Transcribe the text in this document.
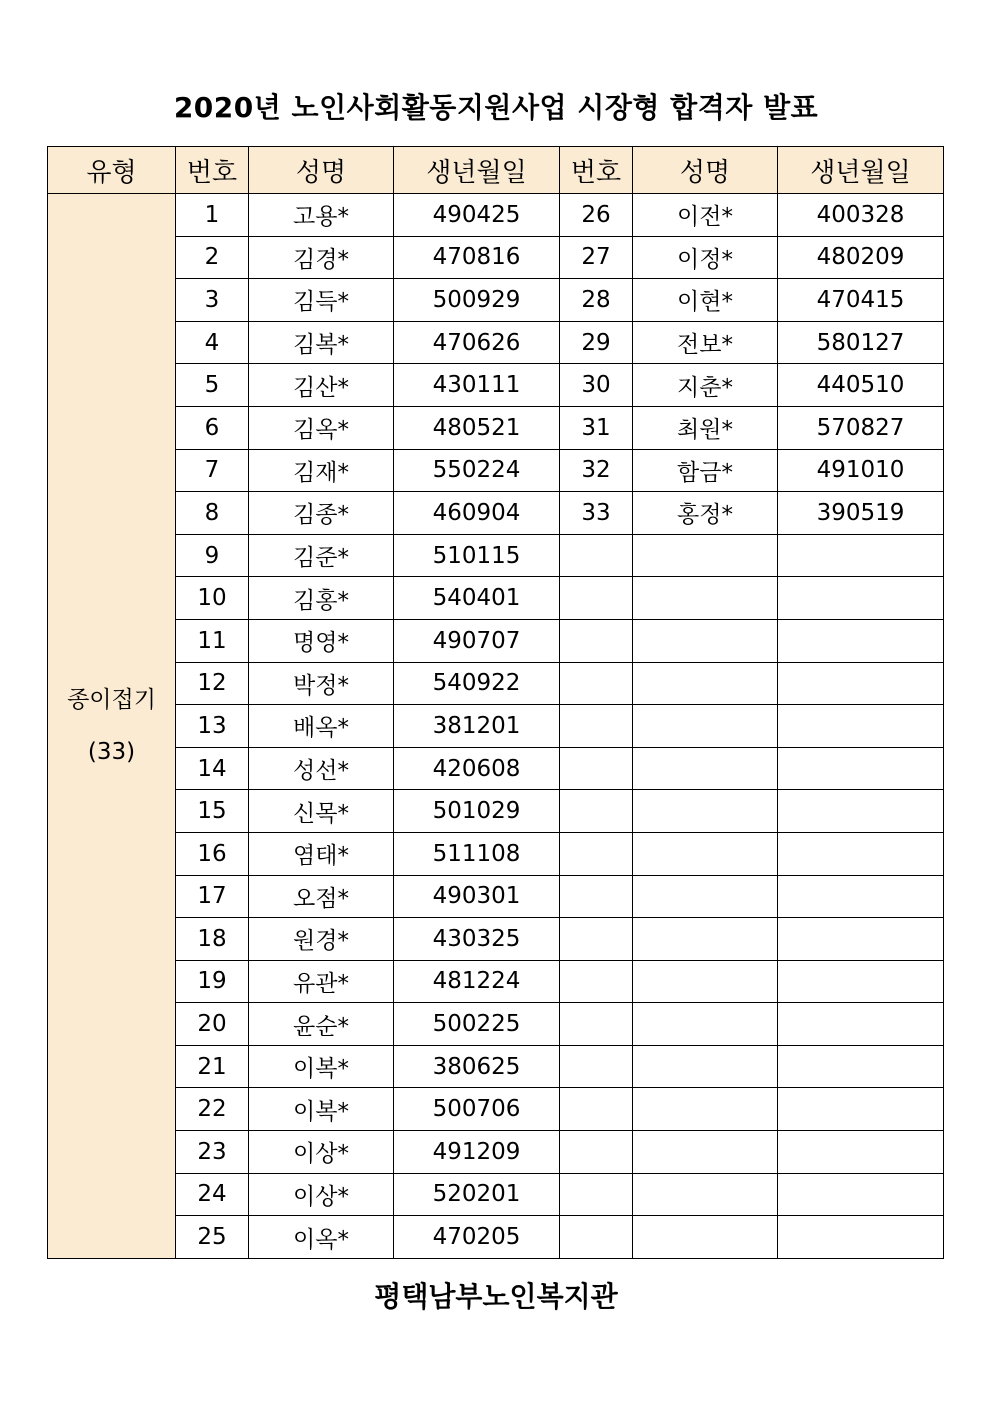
2020년 노인사회활동지원사업 시장형 합격자 발표
유형	번호	성명	생년월일	번호	성명	생년월일

종이접기
(33)	1	고용*	490425	26	이전*	400328
	2	김경*	470816	27	이정*	480209
	3	김득*	500929	28	이현*	470415
	4	김복*	470626	29	전보*	580127
	5	김산*	430111	30	지춘*	440510
	6	김옥*	480521	31	최원*	570827
	7	김재*	550224	32	함금*	491010
	8	김종*	460904	33	홍정*	390519
	9	김준*	510115			
	10	김홍*	540401			
	11	명영*	490707			
	12	박정*	540922			
	13	배옥*	381201			
	14	성선*	420608			
	15	신목*	501029			
	16	염태*	511108			
	17	오점*	490301			
	18	원경*	430325			
	19	유관*	481224			
	20	윤순*	500225			
	21	이복*	380625			
	22	이복*	500706			
	23	이상*	491209			
	24	이상*	520201			
	25	이옥*	470205			

평택남부노인복지관
